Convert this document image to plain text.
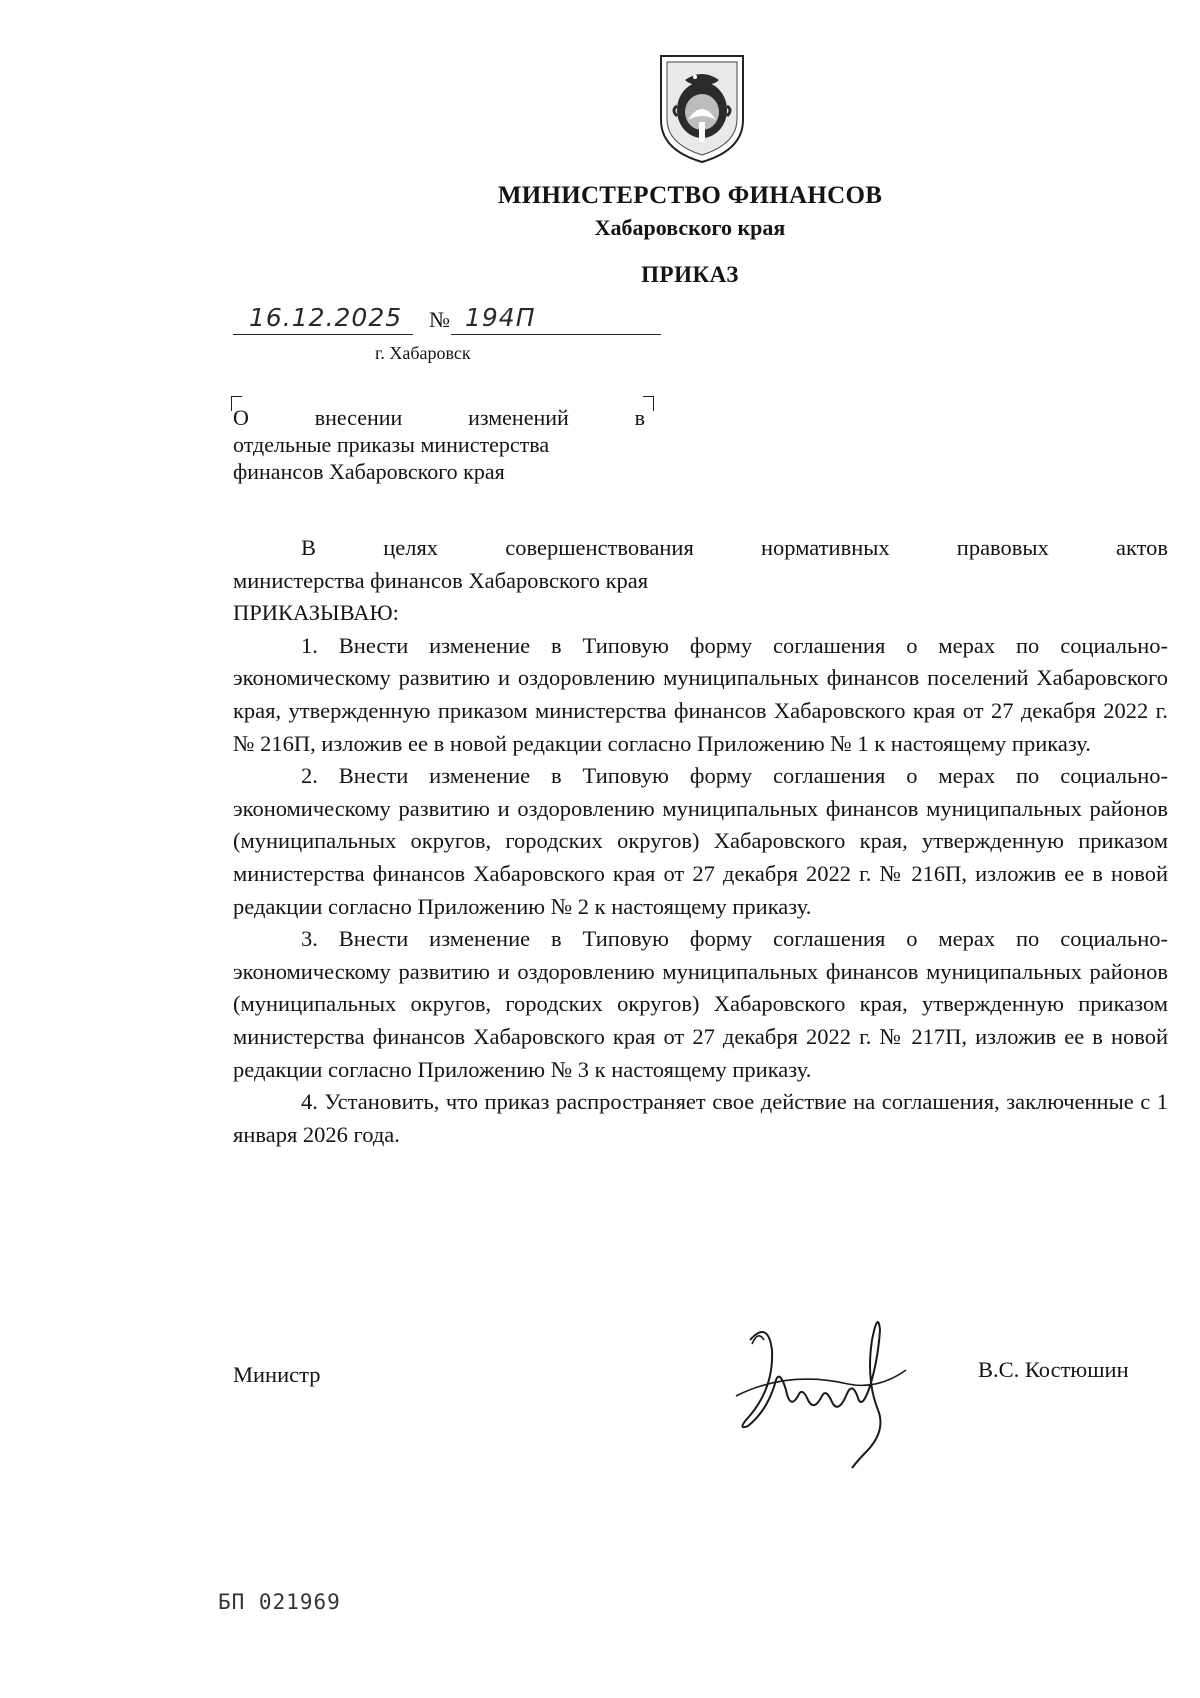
МИНИСТЕРСТВО ФИНАНСОВ
Хабаровского края
ПРИКАЗ
16.12.2025 № 194П
г. Хабаровск
О	внесении	изменений	в
отдельные приказы министерства
финансов Хабаровского края

В целях совершенствования нормативных правовых актов

министерства финансов Хабаровского края

ПРИКАЗЫВАЮ:

1. Внести изменение в Типовую форму соглашения о мерах по социально-экономическому развитию и оздоровлению муниципальных финансов поселений Хабаровского края, утвержденную приказом министерства финансов Хабаровского края от 27 декабря 2022 г. № 216П, изложив ее в новой редакции согласно Приложению № 1 к настоящему приказу.

2. Внести изменение в Типовую форму соглашения о мерах по социально-экономическому развитию и оздоровлению муниципальных финансов муниципальных районов (муниципальных округов, городских округов) Хабаровского края, утвержденную приказом министерства финансов Хабаровского края от 27 декабря 2022 г. № 216П, изложив ее в новой редакции согласно Приложению № 2 к настоящему приказу.

3. Внести изменение в Типовую форму соглашения о мерах по социально-экономическому развитию и оздоровлению муниципальных финансов муниципальных районов (муниципальных округов, городских округов) Хабаровского края, утвержденную приказом министерства финансов Хабаровского края от 27 декабря 2022 г. № 217П, изложив ее в новой редакции согласно Приложению № 3 к настоящему приказу.

4. Установить, что приказ распространяет свое действие на соглашения, заключенные с 1 января 2026 года.

Министр	В.С. Костюшин
БП 021969
